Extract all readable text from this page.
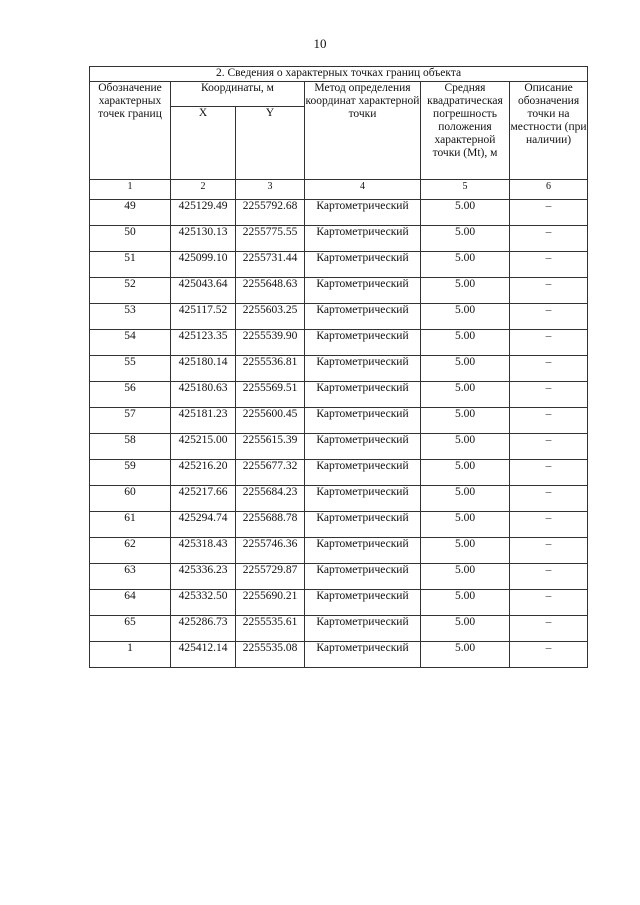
10
2. Сведения о характерных точках границ объекта					
Обозначение характерных точек границ	Координаты, м		Метод определения координат характерной точки	Средняя квадратическая погрешность положения характерной точки (Mt), м	Описание обозначения точки на местности (при наличии)
	X	Y			
1	2	3	4	5	6
49	425129.49	2255792.68	Картометрический	5.00	–
50	425130.13	2255775.55	Картометрический	5.00	–
51	425099.10	2255731.44	Картометрический	5.00	–
52	425043.64	2255648.63	Картометрический	5.00	–
53	425117.52	2255603.25	Картометрический	5.00	–
54	425123.35	2255539.90	Картометрический	5.00	–
55	425180.14	2255536.81	Картометрический	5.00	–
56	425180.63	2255569.51	Картометрический	5.00	–
57	425181.23	2255600.45	Картометрический	5.00	–
58	425215.00	2255615.39	Картометрический	5.00	–
59	425216.20	2255677.32	Картометрический	5.00	–
60	425217.66	2255684.23	Картометрический	5.00	–
61	425294.74	2255688.78	Картометрический	5.00	–
62	425318.43	2255746.36	Картометрический	5.00	–
63	425336.23	2255729.87	Картометрический	5.00	–
64	425332.50	2255690.21	Картометрический	5.00	–
65	425286.73	2255535.61	Картометрический	5.00	–
1	425412.14	2255535.08	Картометрический	5.00	–
